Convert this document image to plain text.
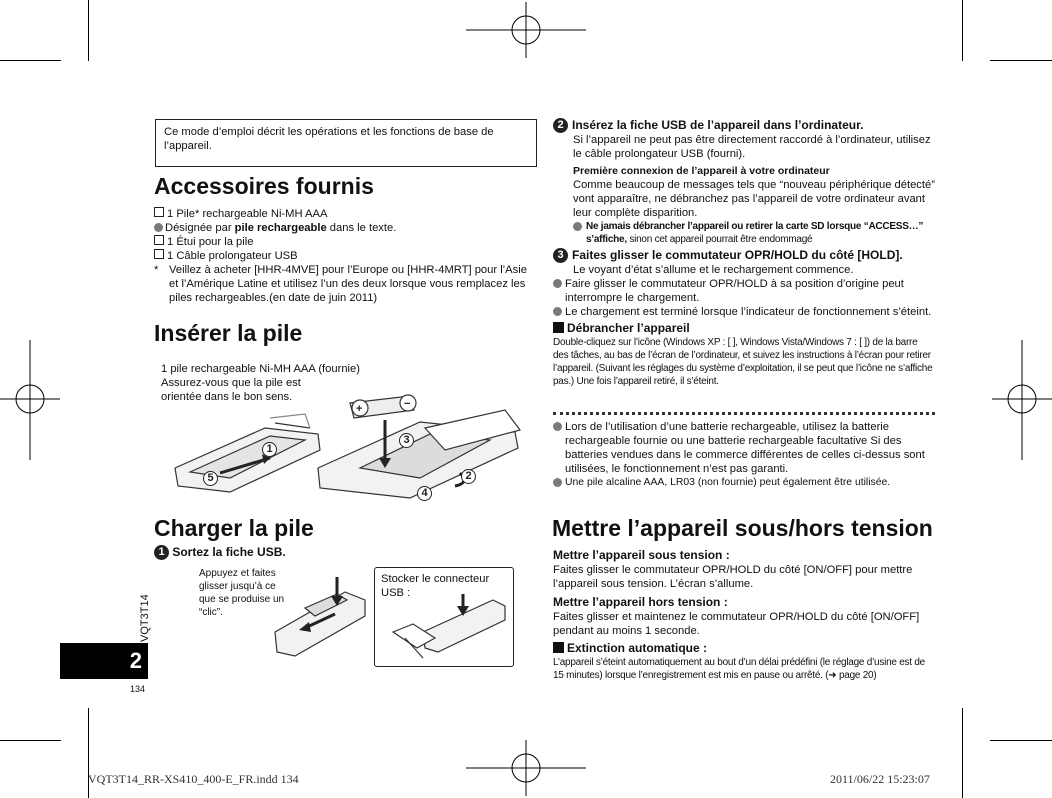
Ce mode d’emploi décrit les opérations et les fonctions de base de l’appareil.
Accessoires fournis
1 Pile* rechargeable Ni-MH AAA
Désignée par pile rechargeable dans le texte.
1 Étui pour la pile
1 Câble prolongateur USB
* Veillez à acheter [HHR-4MVE] pour l’Europe ou [HHR-4MRT] pour l’Asie et l’Amérique Latine et utilisez l’un des deux lorsque vous remplacez les piles rechargeables.(en date de juin 2011)
Insérer la pile
1 pile rechargeable Ni-MH AAA (fournie)
Assurez-vous que la pile est orientée dans le bon sens.
+	−
1
2
3
4
5
Charger la pile
1 Sortez la fiche USB.
Appuyez et faites glisser jusqu’à ce que se produise un “clic”.
Stocker le connecteur USB :
VQT3T14
2
134
2 Insérez la fiche USB de l’appareil dans l’ordinateur.
Si l’appareil ne peut pas être directement raccordé à l’ordinateur, utilisez le câble prolongateur USB (fourni).
Première connexion de l’appareil à votre ordinateur
Comme beaucoup de messages tels que “nouveau périphérique détecté” vont apparaître, ne débranchez pas l’appareil de votre ordinateur avant leur complète disparition.
Ne jamais débrancher l’appareil ou retirer la carte SD lorsque “ACCESS…” s’affiche, sinon cet appareil pourrait être endommagé
3 Faites glisser le commutateur OPR/HOLD du côté [HOLD].
Le voyant d’état s’allume et le rechargement commence.
Faire glisser le commutateur OPR/HOLD à sa position d’origine peut interrompre le chargement.
Le chargement est terminé lorsque l’indicateur de fonctionnement s’éteint.
Débrancher l’appareil
Double-cliquez sur l’icône (Windows XP : [ ], Windows Vista/Windows 7 : [ ]) de la barre des tâches, au bas de l’écran de l’ordinateur, et suivez les instructions à l’écran pour retirer l’appareil. (Suivant les réglages du système d’exploitation, il se peut que l’icône ne s’affiche pas.) Une fois l’appareil retiré, il s’éteint.
Lors de l’utilisation d’une batterie rechargeable, utilisez la batterie rechargeable fournie ou une batterie rechargeable facultative Si des batteries vendues dans le commerce différentes de celles ci-dessus sont utilisées, le fonctionnement n’est pas garanti.
Une pile alcaline AAA, LR03 (non fournie) peut également être utilisée.
Mettre l’appareil sous/hors tension
Mettre l’appareil sous tension :
Faites glisser le commutateur OPR/HOLD du côté [ON/OFF] pour mettre l’appareil sous tension. L’écran s’allume.
Mettre l’appareil hors tension :
Faites glisser et maintenez le commutateur OPR/HOLD du côté [ON/OFF] pendant au moins 1 seconde.
Extinction automatique :
L’appareil s’éteint automatiquement au bout d’un délai prédéfini (le réglage d’usine est de 15 minutes) lorsque l’enregistrement est mis en pause ou arrêté. (➜ page 20)
VQT3T14_RR-XS410_400-E_FR.indd 134	2011/06/22 15:23:07
